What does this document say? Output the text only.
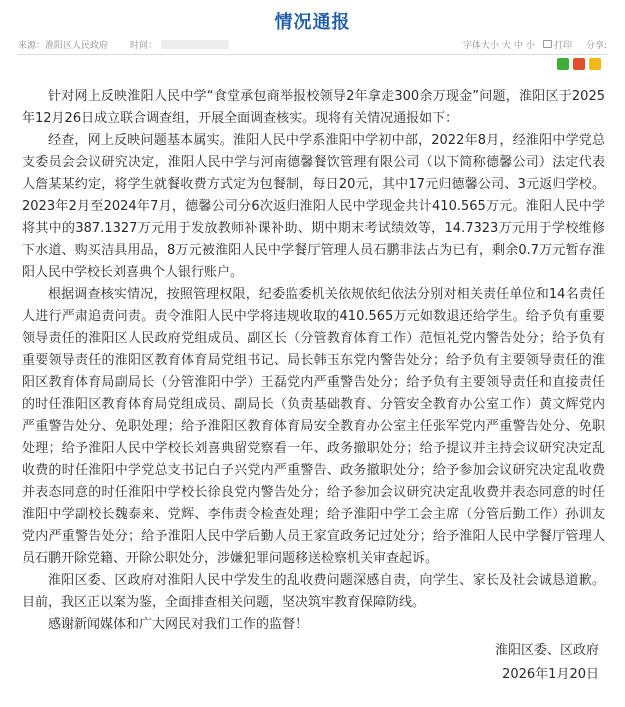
情况通报
来源：淮阳区人民政府 时间：	字体大小 大 中 小 打印 分享:

针对网上反映淮阳人民中学“食堂承包商举报校领导2年拿走300余万现金”问题，淮阳区于2025年12月26日成立联合调查组，开展全面调查核实。现将有关情况通报如下：

经查，网上反映问题基本属实。淮阳人民中学系淮阳中学初中部，2022年8月，经淮阳中学党总支委员会会议研究决定，淮阳人民中学与河南德馨餐饮管理有限公司（以下简称德馨公司）法定代表人詹某某约定，将学生就餐收费方式定为包餐制，每日20元，其中17元归德馨公司、3元返归学校。2023年2月至2024年7月，德馨公司分6次返归淮阳人民中学现金共计410.565万元。淮阳人民中学将其中的387.1327万元用于发放教师补课补助、期中期末考试绩效等，14.7323万元用于学校维修下水道、购买洁具用品，8万元被淮阳人民中学餐厅管理人员石鹏非法占为已有，剩余0.7万元暂存淮阳人民中学校长刘喜典个人银行账户。

根据调查核实情况，按照管理权限，纪委监委机关依规依纪依法分别对相关责任单位和14名责任人进行严肃追责问责。责令淮阳人民中学将违规收取的410.565万元如数退还给学生。给予负有重要领导责任的淮阳区人民政府党组成员、副区长（分管教育体育工作）范恒礼党内警告处分；给予负有重要领导责任的淮阳区教育体育局党组书记、局长韩玉东党内警告处分；给予负有主要领导责任的淮阳区教育体育局副局长（分管淮阳中学）王磊党内严重警告处分；给予负有主要领导责任和直接责任的时任淮阳区教育体育局党组成员、副局长（负责基础教育、分管安全教育办公室工作）黄文辉党内严重警告处分、免职处理；给予淮阳区教育体育局安全教育办公室主任张军党内严重警告处分、免职处理；给予淮阳人民中学校长刘喜典留党察看一年、政务撤职处分；给予提议并主持会议研究决定乱收费的时任淮阳中学党总支书记白子兴党内严重警告、政务撤职处分；给予参加会议研究决定乱收费并表态同意的时任淮阳中学校长徐良党内警告处分；给予参加会议研究决定乱收费并表态同意的时任淮阳中学副校长魏泰来、党辉、李伟责令检查处理；给予淮阳中学工会主席（分管后勤工作）孙训友党内严重警告处分；给予淮阳人民中学后勤人员王家宣政务记过处分；给予淮阳人民中学餐厅管理人员石鹏开除党籍、开除公职处分，涉嫌犯罪问题移送检察机关审查起诉。

淮阳区委、区政府对淮阳人民中学发生的乱收费问题深感自责，向学生、家长及社会诚恳道歉。目前，我区正以案为鉴，全面排查相关问题，坚决筑牢教育保障防线。

感谢新闻媒体和广大网民对我们工作的监督！

淮阳区委、区政府
2026年1月20日
